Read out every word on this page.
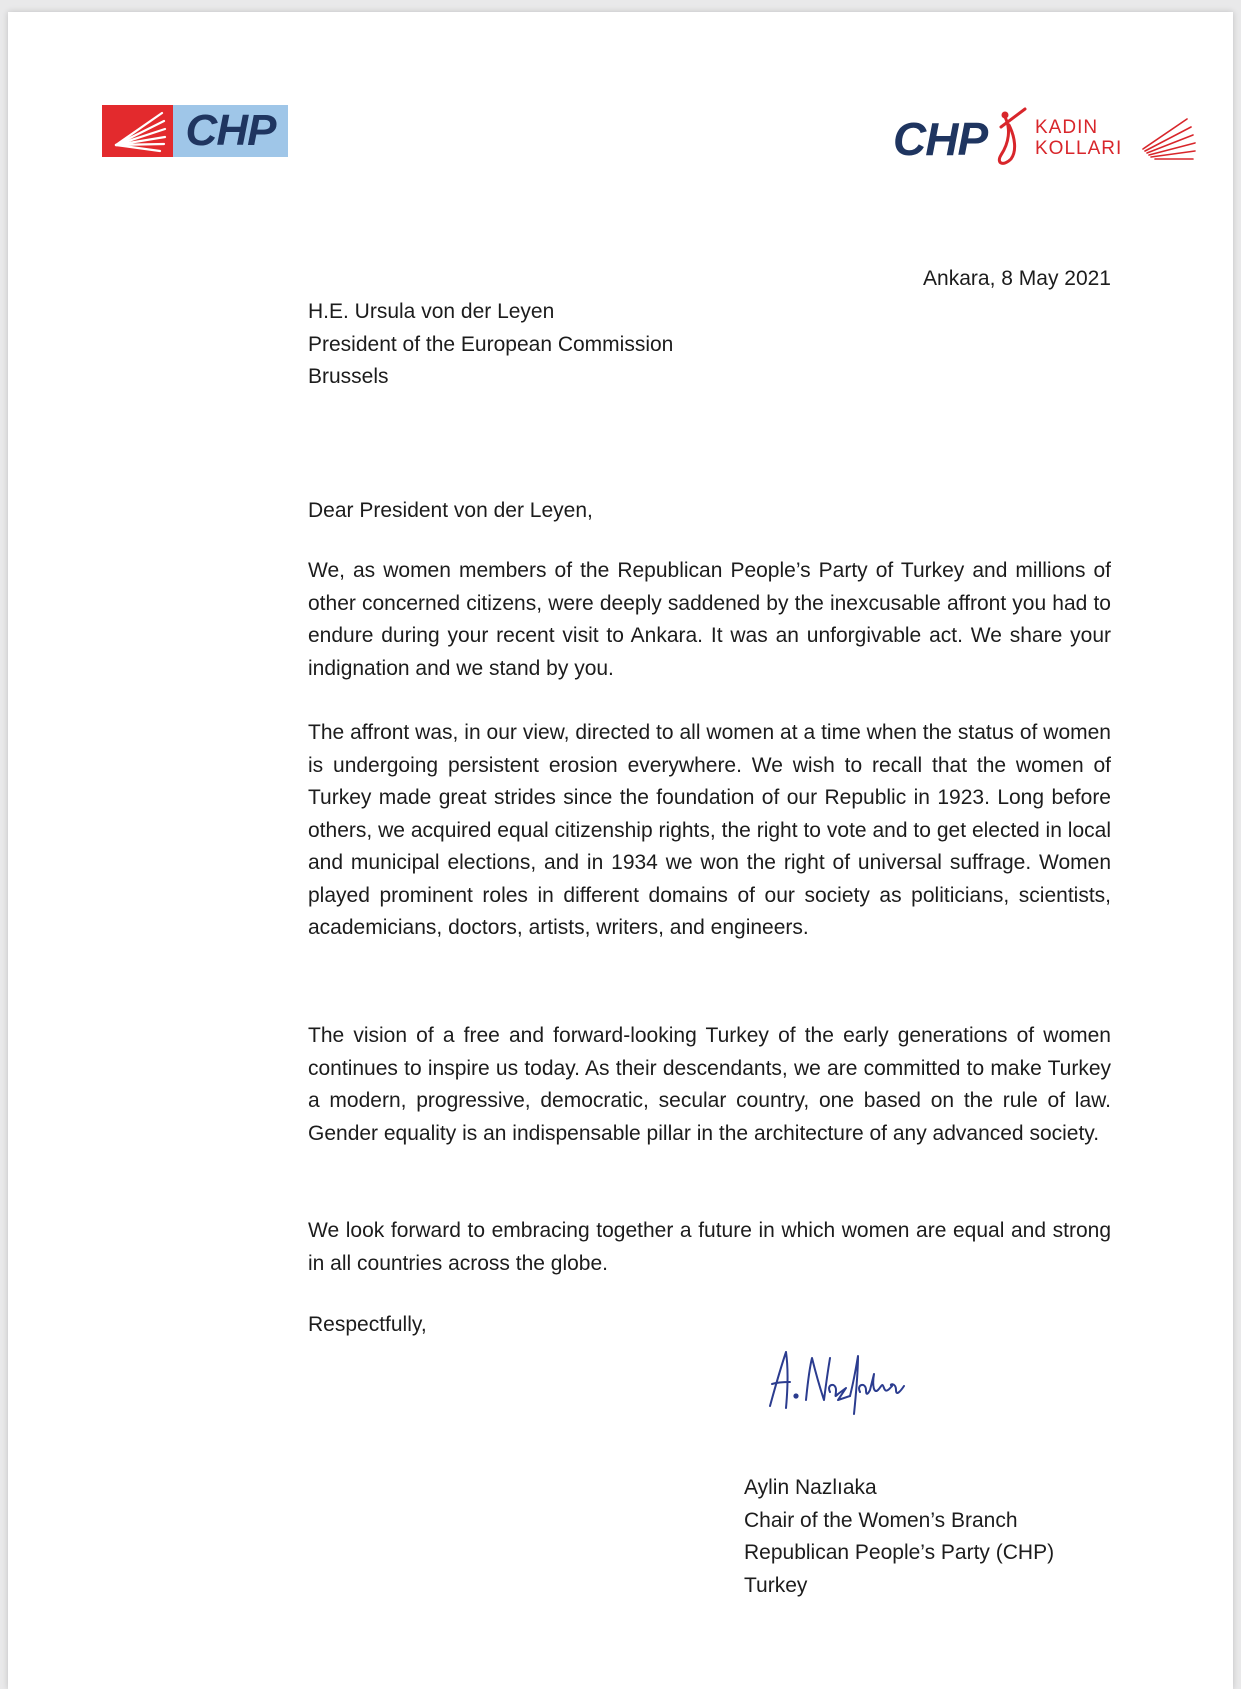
CHP	CHP	KADIN
KOLLARI
Ankara, 8 May 2021
H.E. Ursula von der Leyen
President of the European Commission
Brussels
Dear President von der Leyen,
We, as women members of the Republican People’s Party of Turkey and millions of other concerned citizens, were deeply saddened by the inexcusable affront you had to endure during your recent visit to Ankara. It was an unforgivable act. We share your indignation and we stand by you.
The affront was, in our view, directed to all women at a time when the status of women is undergoing persistent erosion everywhere. We wish to recall that the women of Turkey made great strides since the foundation of our Republic in 1923. Long before others, we acquired equal citizenship rights, the right to vote and to get elected in local and municipal elections, and in 1934 we won the right of universal suffrage. Women played prominent roles in different domains of our society as politicians, scientists, academicians, doctors, artists, writers, and engineers.
The vision of a free and forward-looking Turkey of the early generations of women continues to inspire us today. As their descendants, we are committed to make Turkey a modern, progressive, democratic, secular country, one based on the rule of law. Gender equality is an indispensable pillar in the architecture of any advanced society.
We look forward to embracing together a future in which women are equal and strong in all countries across the globe.
Respectfully,
Aylin Nazlıaka
Chair of the Women’s Branch
Republican People’s Party (CHP)
Turkey
